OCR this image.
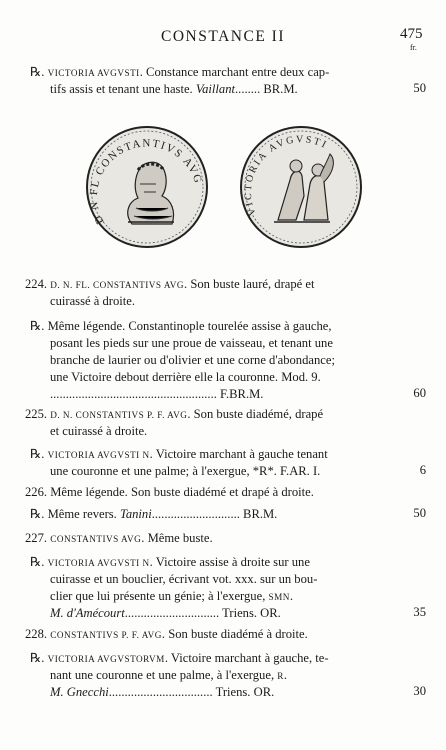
CONSTANCE II	475
fr.
D N FL CONSTANTIVS AVG
VICTORIA AVGVSTI
℞. VICTORIA AVGVSTI. Constance marchant entre deux cap-
tifs assis et tenant une haste. Vaillant........ BR.M.	50
224. D. N. FL. CONSTANTIVS AVG. Son buste lauré, drapé et
cuirassé à droite.
℞. Même légende. Constantinople tourelée assise à gauche,
posant les pieds sur une proue de vaisseau, et tenant une
branche de laurier ou d'olivier et une corne d'abondance;
une Victoire debout derrière elle la couronne. Mod. 9.
..................................................... F.BR.M.	60
225. D. N. CONSTANTIVS P. F. AVG. Son buste diadémé, drapé
et cuirassé à droite.
℞. VICTORIA AVGVSTI N. Victoire marchant à gauche tenant
une couronne et une palme; à l'exergue, *R*. F.AR. I.	6
226. Même légende. Son buste diadémé et drapé à droite.
℞. Même revers. Tanini............................ BR.M.	50
227. CONSTANTIVS AVG. Même buste.
℞. VICTORIA AVGVSTI N. Victoire assise à droite sur une
cuirasse et un bouclier, écrivant vot. xxx. sur un bou-
clier que lui présente un génie; à l'exergue, SMN.
M. d'Amécourt.............................. Triens. OR.	35
228. CONSTANTIVS P. F. AVG. Son buste diadémé à droite.
℞. VICTORIA AVGVSTORVM. Victoire marchant à gauche, te-
nant une couronne et une palme, à l'exergue, R.
M. Gnecchi................................. Triens. OR.	30
